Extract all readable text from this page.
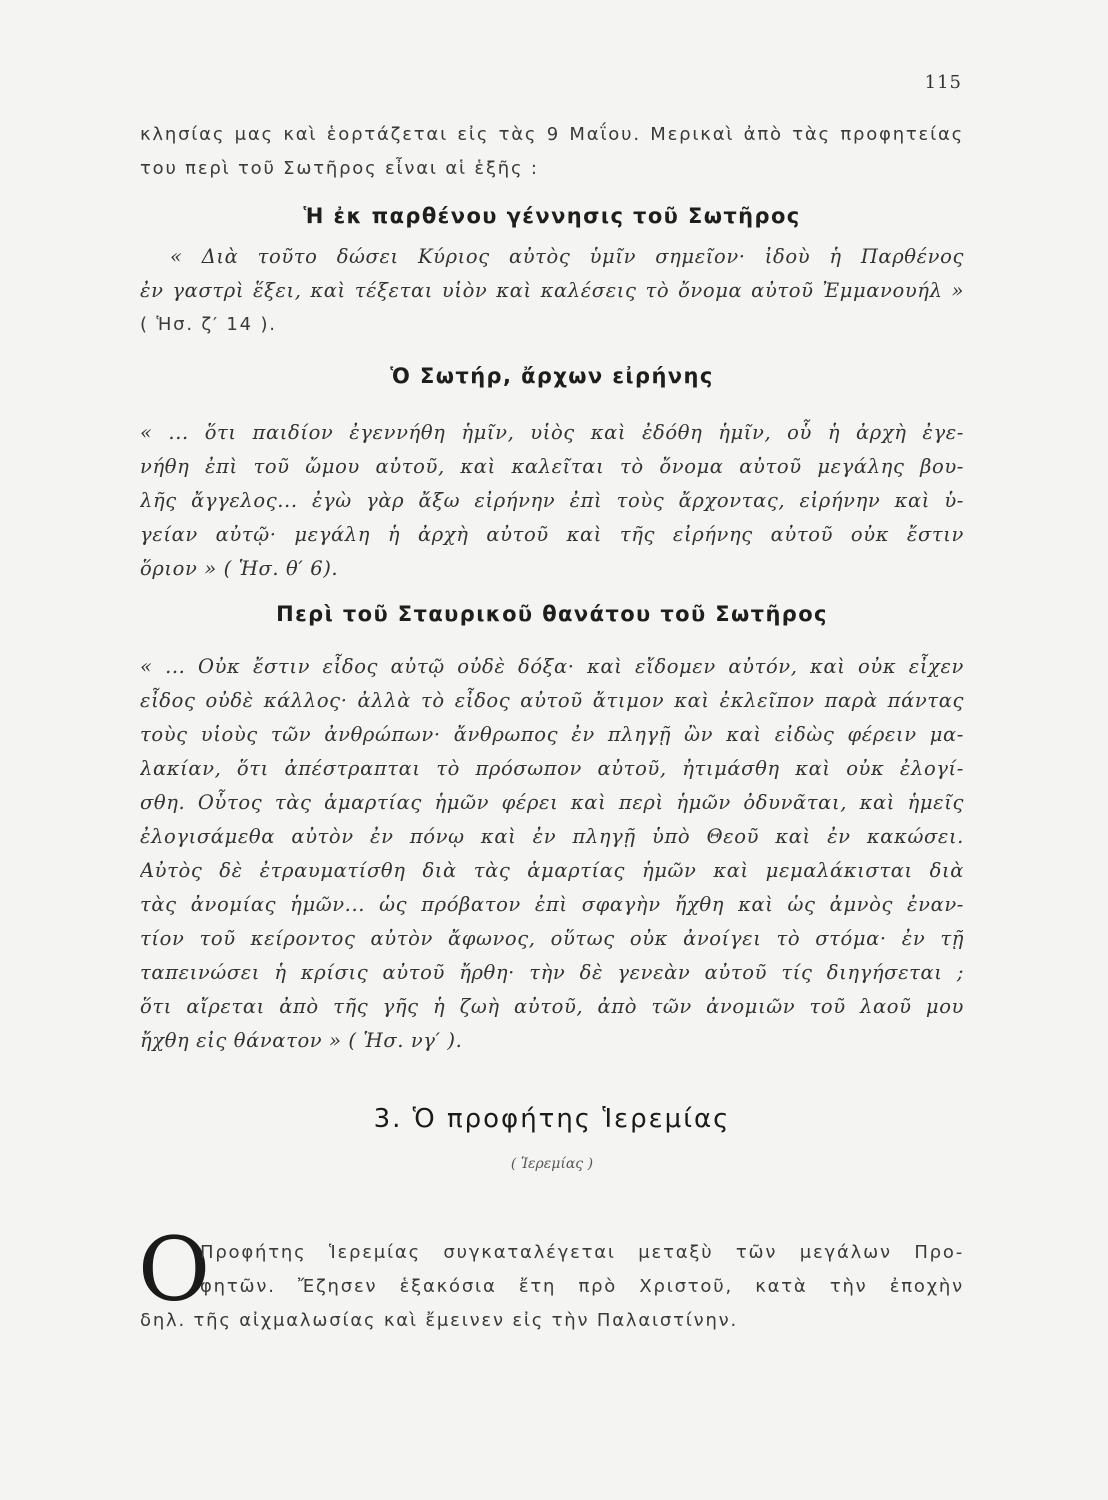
115
κλησίας μας καὶ ἑορτάζεται εἰς τὰς 9 Μαΐου. Μερικαὶ ἀπὸ τὰς προφητείας
του περὶ τοῦ Σωτῆρος εἶναι αἱ ἑξῆς :
Ἡ ἐκ παρθένου γέννησις τοῦ Σωτῆρος
« Διὰ τοῦτο δώσει Κύριος αὐτὸς ὑμῖν σημεῖον· ἰδοὺ ἡ Παρθένος
ἐν γαστρὶ ἕξει, καὶ τέξεται υἱὸν καὶ καλέσεις τὸ ὄνομα αὐτοῦ Ἐμμανουήλ »
( Ἡσ. ζ′ 14 ).
Ὁ Σωτήρ, ἄρχων εἰρήνης
« ... ὅτι παιδίον ἐγεννήθη ἡμῖν, υἱὸς καὶ ἐδόθη ἡμῖν, οὗ ἡ ἀρχὴ ἐγε-
νήθη ἐπὶ τοῦ ὤμου αὐτοῦ, καὶ καλεῖται τὸ ὄνομα αὐτοῦ μεγάλης βου-
λῆς ἄγγελος... ἐγὼ γὰρ ἄξω εἰρήνην ἐπὶ τοὺς ἄρχοντας, εἰρήνην καὶ ὑ-
γείαν αὐτῷ· μεγάλη ἡ ἀρχὴ αὐτοῦ καὶ τῆς εἰρήνης αὐτοῦ οὐκ ἔστιν
ὅριον » ( Ἡσ. θ′ 6).
Περὶ τοῦ Σταυρικοῦ θανάτου τοῦ Σωτῆρος
« ... Οὐκ ἔστιν εἶδος αὐτῷ οὐδὲ δόξα· καὶ εἴδομεν αὐτόν, καὶ οὐκ εἶχεν
εἶδος οὐδὲ κάλλος· ἀλλὰ τὸ εἶδος αὐτοῦ ἄτιμον καὶ ἐκλεῖπον παρὰ πάντας
τοὺς υἱοὺς τῶν ἀνθρώπων· ἄνθρωπος ἐν πληγῇ ὢν καὶ εἰδὼς φέρειν μα-
λακίαν, ὅτι ἀπέστραπται τὸ πρόσωπον αὐτοῦ, ἠτιμάσθη καὶ οὐκ ἐλογί-
σθη. Οὗτος τὰς ἁμαρτίας ἡμῶν φέρει καὶ περὶ ἡμῶν ὀδυνᾶται, καὶ ἡμεῖς
ἐλογισάμεθα αὐτὸν ἐν πόνῳ καὶ ἐν πληγῇ ὑπὸ Θεοῦ καὶ ἐν κακώσει.
Αὐτὸς δὲ ἐτραυματίσθη διὰ τὰς ἁμαρτίας ἡμῶν καὶ μεμαλάκισται διὰ
τὰς ἀνομίας ἡμῶν... ὡς πρόβατον ἐπὶ σφαγὴν ἤχθη καὶ ὡς ἀμνὸς ἐναν-
τίον τοῦ κείροντος αὐτὸν ἄφωνος, οὕτως οὐκ ἀνοίγει τὸ στόμα· ἐν τῇ
ταπεινώσει ἡ κρίσις αὐτοῦ ἤρθη· τὴν δὲ γενεὰν αὐτοῦ τίς διηγήσεται ;
ὅτι αἴρεται ἀπὸ τῆς γῆς ἡ ζωὴ αὐτοῦ, ἀπὸ τῶν ἀνομιῶν τοῦ λαοῦ μου
ἤχθη εἰς θάνατον » ( Ἡσ. νγ′ ).
3. Ὁ προφήτης Ἱερεμίας
( Ἱερεμίας )
Ο
Προφήτης Ἱερεμίας συγκαταλέγεται μεταξὺ τῶν μεγάλων Προ-
φητῶν. Ἔζησεν ἑξακόσια ἔτη πρὸ Χριστοῦ, κατὰ τὴν ἐποχὴν
δηλ. τῆς αἰχμαλωσίας καὶ ἔμεινεν εἰς τὴν Παλαιστίνην.
